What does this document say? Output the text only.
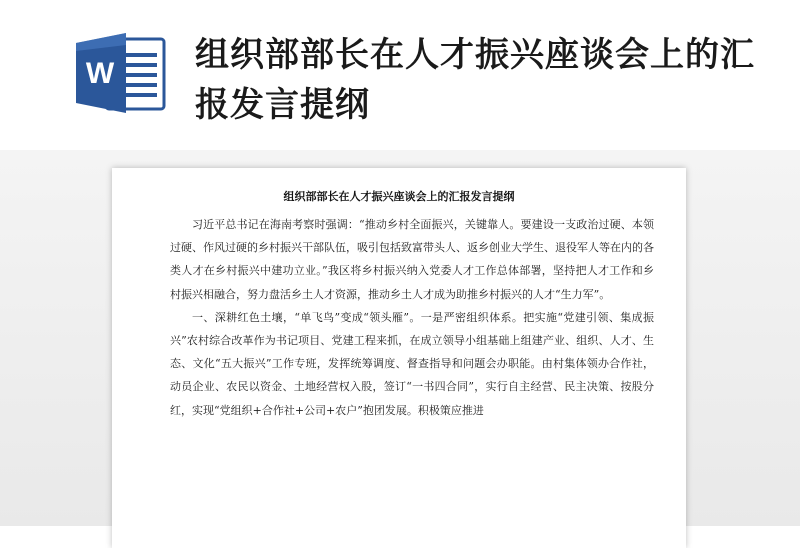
W 组织部部长在人才振兴座谈会上的汇报发言提纲
组织部部长在人才振兴座谈会上的汇报发言提纲

习近平总书记在海南考察时强调：“推动乡村全面振兴，关键靠人。要建设一支政治过硬、本领过硬、作风过硬的乡村振兴干部队伍，吸引包括致富带头人、返乡创业大学生、退役军人等在内的各类人才在乡村振兴中建功立业。”我区将乡村振兴纳入党委人才工作总体部署，坚持把人才工作和乡村振兴相融合，努力盘活乡土人才资源，推动乡土人才成为助推乡村振兴的人才“生力军”。

一、深耕红色土壤，“单飞鸟”变成“领头雁”。一是严密组织体系。把实施“党建引领、集成振兴”农村综合改革作为书记项目、党建工程来抓，在成立领导小组基础上组建产业、组织、人才、生态、文化“五大振兴”工作专班，发挥统筹调度、督查指导和问题会办职能。由村集体领办合作社，动员企业、农民以资金、土地经营权入股，签订“一书四合同”，实行自主经营、民主决策、按股分红，实现“党组织+合作社+公司+农户”抱团发展。积极策应推进
